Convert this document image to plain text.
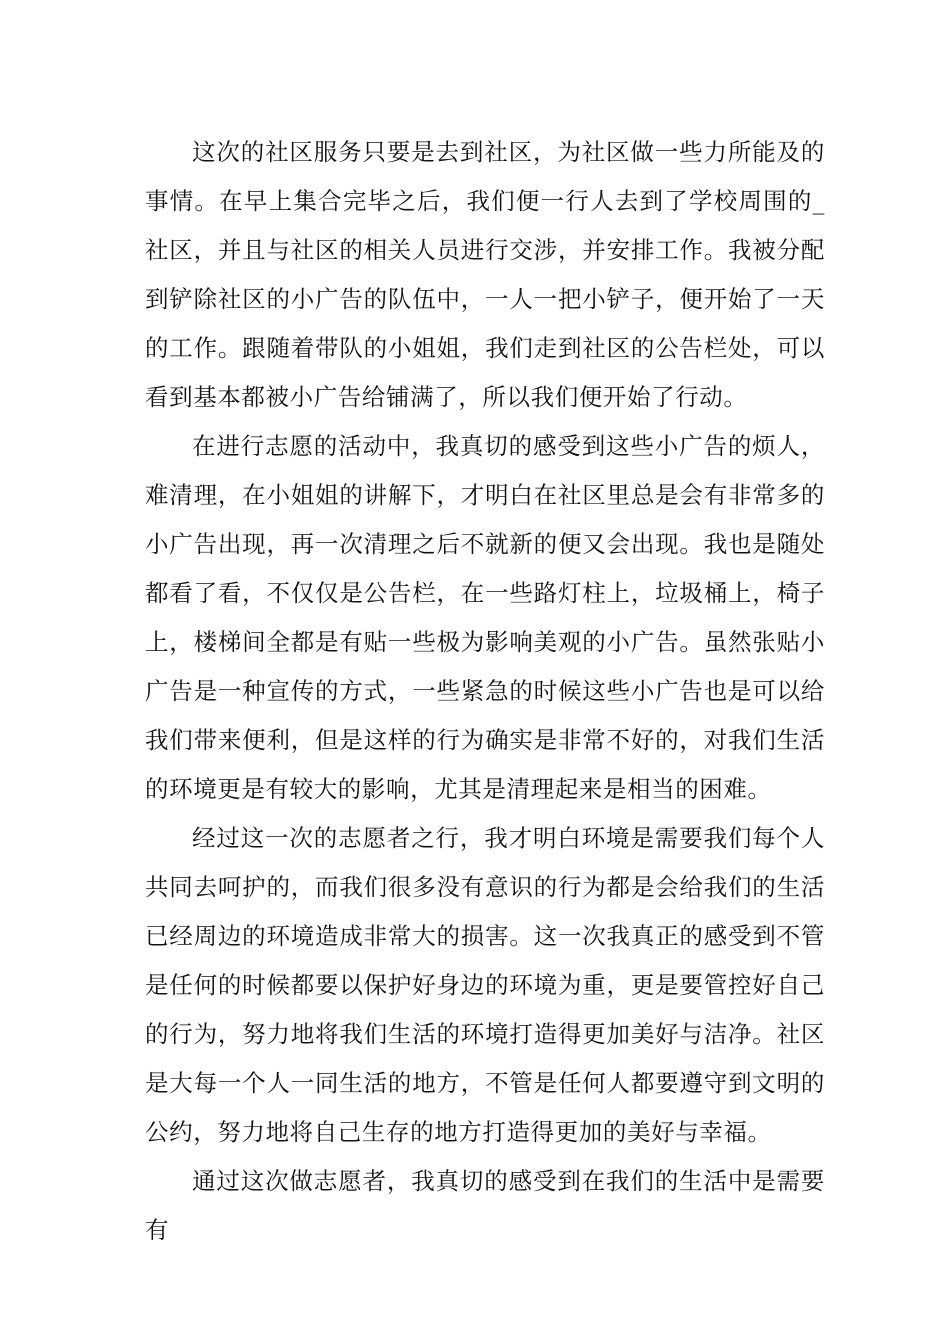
这次的社区服务只要是去到社区，为社区做一些力所能及的事情。在早上集合完毕之后，我们便一行人去到了学校周围的_社区，并且与社区的相关人员进行交涉，并安排工作。我被分配到铲除社区的小广告的队伍中，一人一把小铲子，便开始了一天的工作。跟随着带队的小姐姐，我们走到社区的公告栏处，可以看到基本都被小广告给铺满了，所以我们便开始了行动。

在进行志愿的活动中，我真切的感受到这些小广告的烦人，难清理，在小姐姐的讲解下，才明白在社区里总是会有非常多的小广告出现，再一次清理之后不就新的便又会出现。我也是随处都看了看，不仅仅是公告栏，在一些路灯柱上，垃圾桶上，椅子上，楼梯间全都是有贴一些极为影响美观的小广告。虽然张贴小广告是一种宣传的方式，一些紧急的时候这些小广告也是可以给我们带来便利，但是这样的行为确实是非常不好的，对我们生活的环境更是有较大的影响，尤其是清理起来是相当的困难。

经过这一次的志愿者之行，我才明白环境是需要我们每个人共同去呵护的，而我们很多没有意识的行为都是会给我们的生活已经周边的环境造成非常大的损害。这一次我真正的感受到不管是任何的时候都要以保护好身边的环境为重，更是要管控好自己的行为，努力地将我们生活的环境打造得更加美好与洁净。社区是大每一个人一同生活的地方，不管是任何人都要遵守到文明的公约，努力地将自己生存的地方打造得更加的美好与幸福。

通过这次做志愿者，我真切的感受到在我们的生活中是需要有
